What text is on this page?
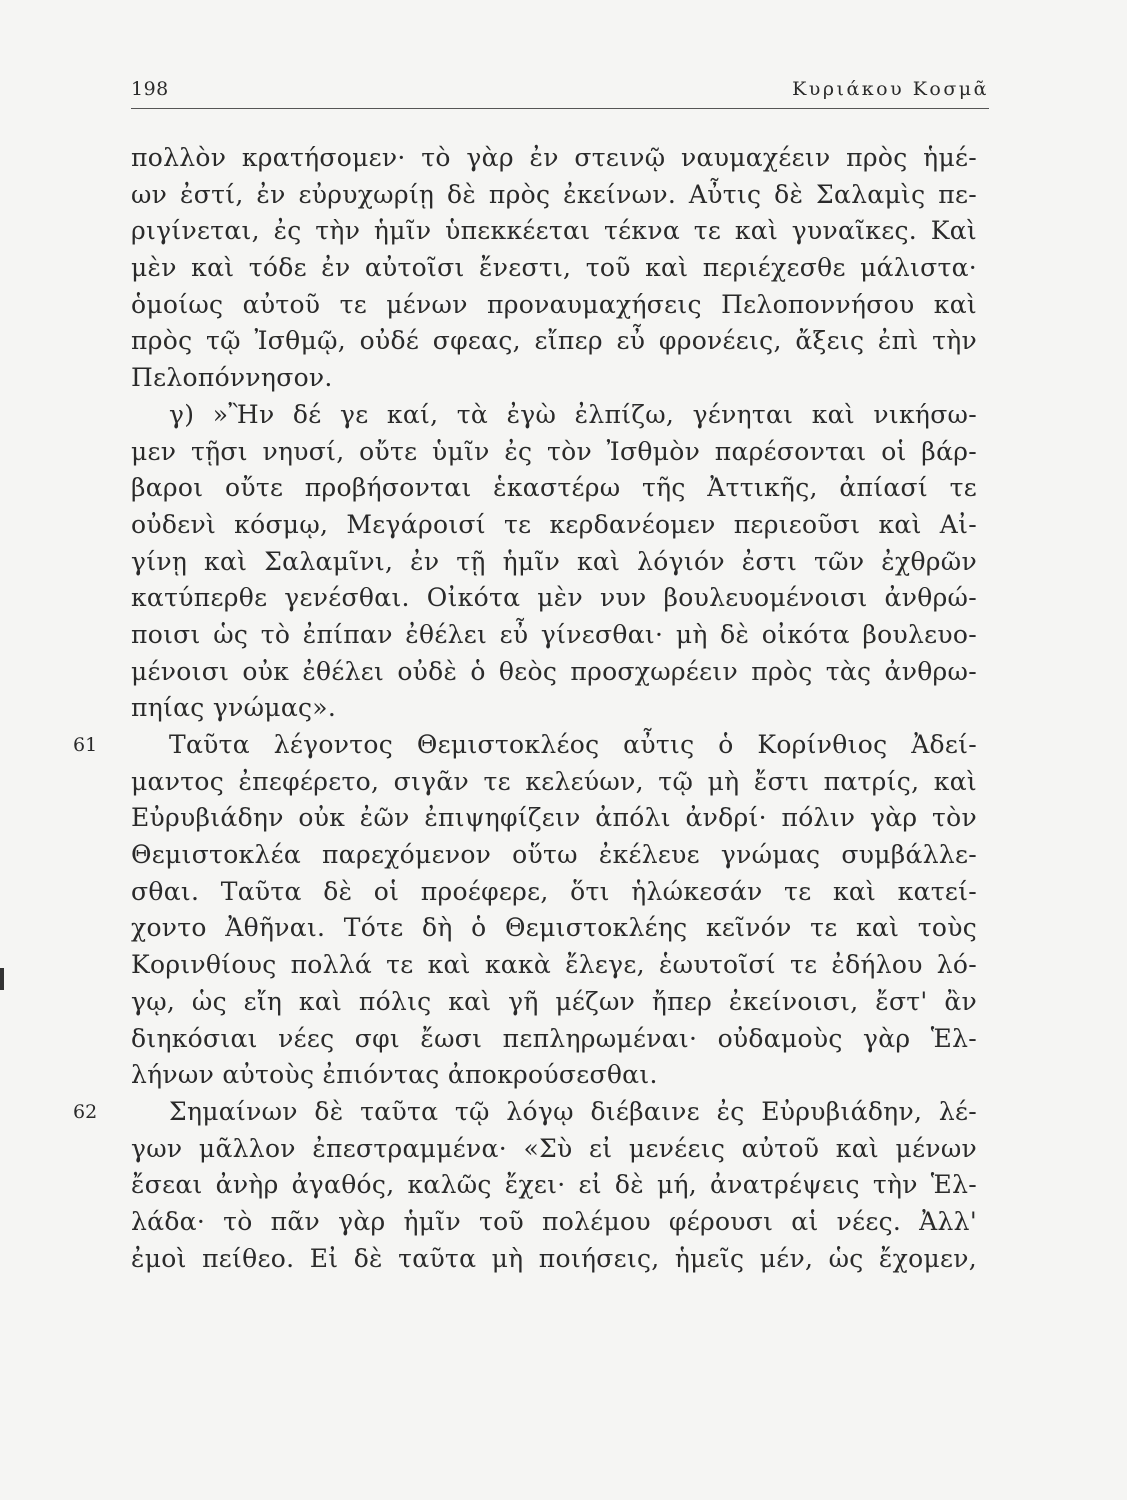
198	Κυριάκου Κοσμᾶ
πολλὸν κρατήσομεν· τὸ γὰρ ἐν στεινῷ ναυμαχέειν πρὸς ἡμέ-
ων ἐστί, ἐν εὐρυχωρίῃ δὲ πρὸς ἐκείνων. Αὖτις δὲ Σαλαμὶς πε-
ριγίνεται, ἐς τὴν ἡμῖν ὑπεκκέεται τέκνα τε καὶ γυναῖκες. Καὶ
μὲν καὶ τόδε ἐν αὐτοῖσι ἔνεστι, τοῦ καὶ περιέχεσθε μάλιστα·
ὁμοίως αὐτοῦ τε μένων προναυμαχήσεις Πελοποννήσου καὶ
πρὸς τῷ Ἰσθμῷ, οὐδέ σφεας, εἴπερ εὖ φρονέεις, ἄξεις ἐπὶ τὴν
Πελοπόννησον.
γ) »Ἢν δέ γε καί, τὰ ἐγὼ ἐλπίζω, γένηται καὶ νικήσω-
μεν τῇσι νηυσί, οὔτε ὑμῖν ἐς τὸν Ἰσθμὸν παρέσονται οἱ βάρ-
βαροι οὔτε προβήσονται ἑκαστέρω τῆς Ἀττικῆς, ἀπίασί τε
οὐδενὶ κόσμῳ, Μεγάροισί τε κερδανέομεν περιεοῦσι καὶ Αἰ-
γίνῃ καὶ Σαλαμῖνι, ἐν τῇ ἡμῖν καὶ λόγιόν ἐστι τῶν ἐχθρῶν
κατύπερθε γενέσθαι. Οἰκότα μὲν νυν βουλευομένοισι ἀνθρώ-
ποισι ὡς τὸ ἐπίπαν ἐθέλει εὖ γίνεσθαι· μὴ δὲ οἰκότα βουλευο-
μένοισι οὐκ ἐθέλει οὐδὲ ὁ θεὸς προσχωρέειν πρὸς τὰς ἀνθρω-
πηίας γνώμας».
61	Ταῦτα λέγοντος Θεμιστοκλέος αὖτις ὁ Κορίνθιος Ἀδεί-
μαντος ἐπεφέρετο, σιγᾶν τε κελεύων, τῷ μὴ ἔστι πατρίς, καὶ
Εὐρυβιάδην οὐκ ἐῶν ἐπιψηφίζειν ἀπόλι ἀνδρί· πόλιν γὰρ τὸν
Θεμιστοκλέα παρεχόμενον οὕτω ἐκέλευε γνώμας συμβάλλε-
σθαι. Ταῦτα δὲ οἱ προέφερε, ὅτι ἡλώκεσάν τε καὶ κατεί-
χοντο Ἀθῆναι. Τότε δὴ ὁ Θεμιστοκλέης κεῖνόν τε καὶ τοὺς
Κορινθίους πολλά τε καὶ κακὰ ἔλεγε, ἑωυτοῖσί τε ἐδήλου λό-
γῳ, ὡς εἴη καὶ πόλις καὶ γῆ μέζων ἤπερ ἐκείνοισι, ἔστ' ἂν
διηκόσιαι νέες σφι ἔωσι πεπληρωμέναι· οὐδαμοὺς γὰρ Ἑλ-
λήνων αὐτοὺς ἐπιόντας ἀποκρούσεσθαι.
62	Σημαίνων δὲ ταῦτα τῷ λόγῳ διέβαινε ἐς Εὐρυβιάδην, λέ-
γων μᾶλλον ἐπεστραμμένα· «Σὺ εἰ μενέεις αὐτοῦ καὶ μένων
ἔσεαι ἀνὴρ ἀγαθός, καλῶς ἔχει· εἰ δὲ μή, ἀνατρέψεις τὴν Ἑλ-
λάδα· τὸ πᾶν γὰρ ἡμῖν τοῦ πολέμου φέρουσι αἱ νέες. Ἀλλ'
ἐμοὶ πείθεο. Εἰ δὲ ταῦτα μὴ ποιήσεις, ἡμεῖς μέν, ὡς ἔχομεν,
